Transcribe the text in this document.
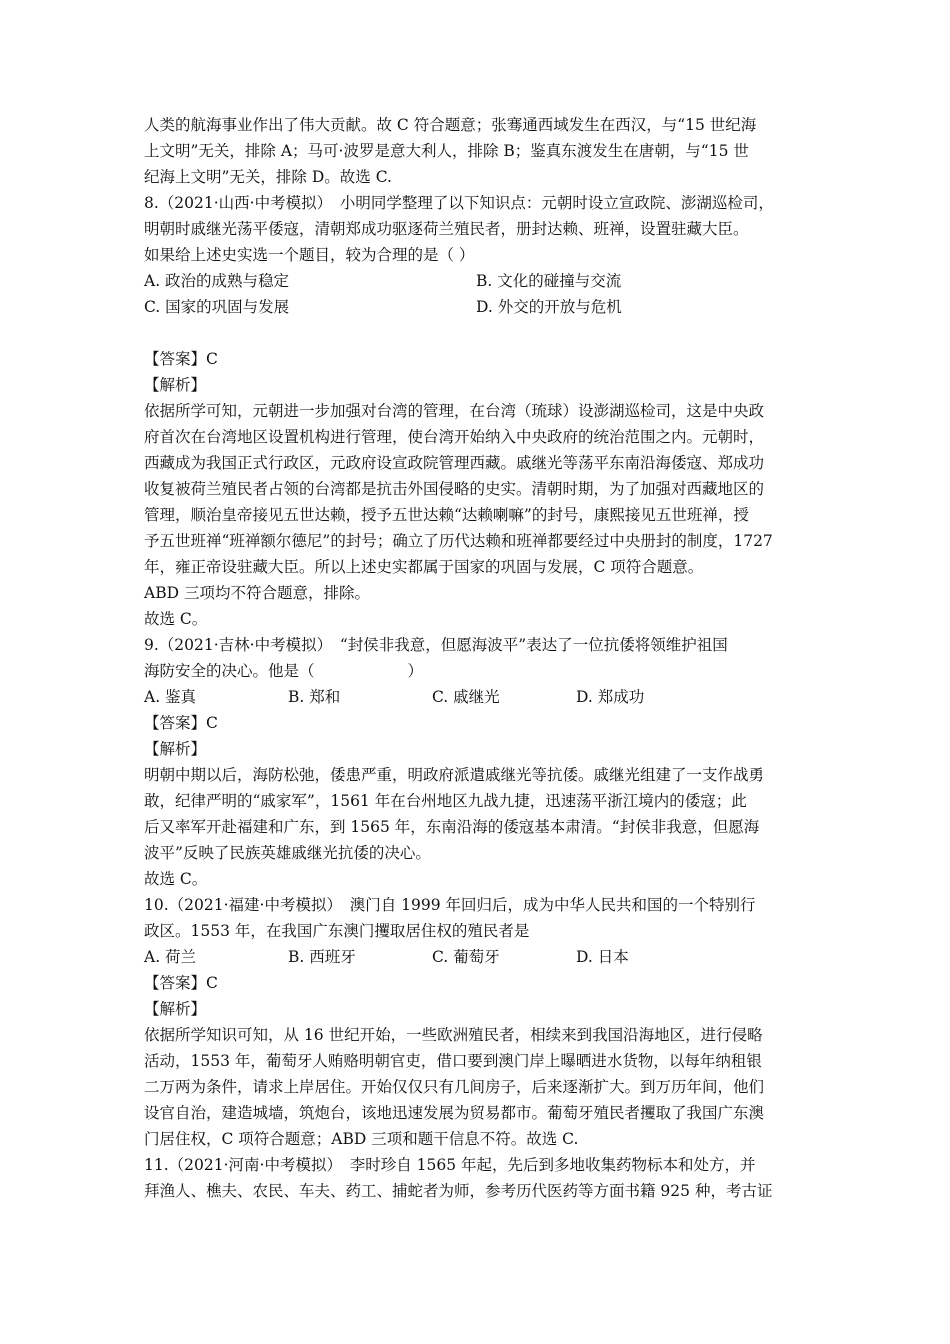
人类的航海事业作出了伟大贡献。故 C 符合题意；张骞通西域发生在西汉，与“15 世纪海
上文明”无关，排除 A；马可·波罗是意大利人，排除 B；鉴真东渡发生在唐朝，与“15 世
纪海上文明”无关，排除 D。故选 C.
8.（2021·山西·中考模拟）　小明同学整理了以下知识点：元朝时设立宣政院、澎湖巡检司，
明朝时戚继光荡平倭寇，清朝郑成功驱逐荷兰殖民者，册封达赖、班禅，设置驻藏大臣。
如果给上述史实选一个题目，较为合理的是（ ）
A. 政治的成熟与稳定	B. 文化的碰撞与交流
C. 国家的巩固与发展	D. 外交的开放与危机

【答案】C

【解析】

依据所学可知，元朝进一步加强对台湾的管理，在台湾（琉球）设澎湖巡检司，这是中央政
府首次在台湾地区设置机构进行管理，使台湾开始纳入中央政府的统治范围之内。元朝时，
西藏成为我国正式行政区，元政府设宣政院管理西藏。戚继光等荡平东南沿海倭寇、郑成功
收复被荷兰殖民者占领的台湾都是抗击外国侵略的史实。清朝时期，为了加强对西藏地区的
管理，顺治皇帝接见五世达赖，授予五世达赖“达赖喇嘛”的封号，康熙接见五世班禅，授
予五世班禅“班禅额尔德尼”的封号；确立了历代达赖和班禅都要经过中央册封的制度，1727
年，雍正帝设驻藏大臣。所以上述史实都属于国家的巩固与发展，C 项符合题意。
ABD 三项均不符合题意，排除。
故选 C。
9.（2021·吉林·中考模拟）　“封侯非我意，但愿海波平”表达了一位抗倭将领维护祖国
海防安全的决心。他是（　　　　　　）
A. 鉴真	B. 郑和	C. 戚继光	D. 郑成功

【答案】C

【解析】

明朝中期以后，海防松弛，倭患严重，明政府派遣戚继光等抗倭。戚继光组建了一支作战勇
敢，纪律严明的“戚家军”，1561 年在台州地区九战九捷，迅速荡平浙江境内的倭寇；此
后又率军开赴福建和广东，到 1565 年，东南沿海的倭寇基本肃清。“封侯非我意，但愿海
波平”反映了民族英雄戚继光抗倭的决心。
故选 C。
10.（2021·福建·中考模拟）　澳门自 1999 年回归后，成为中华人民共和国的一个特别行
政区。1553 年，在我国广东澳门攫取居住权的殖民者是
A. 荷兰	B. 西班牙	C. 葡萄牙	D. 日本

【答案】C

【解析】

依据所学知识可知，从 16 世纪开始，一些欧洲殖民者，相续来到我国沿海地区，进行侵略
活动，1553 年，葡萄牙人贿赂明朝官吏，借口要到澳门岸上曝晒进水货物，以每年纳租银
二万两为条件，请求上岸居住。开始仅仅只有几间房子，后来逐渐扩大。到万历年间，他们
设官自治，建造城墙，筑炮台，该地迅速发展为贸易都市。葡萄牙殖民者攫取了我国广东澳
门居住权，C 项符合题意；ABD 三项和题干信息不符。故选 C.
11.（2021·河南·中考模拟）　李时珍自 1565 年起，先后到多地收集药物标本和处方，并
拜渔人、樵夫、农民、车夫、药工、捕蛇者为师，参考历代医药等方面书籍 925 种，考古证
